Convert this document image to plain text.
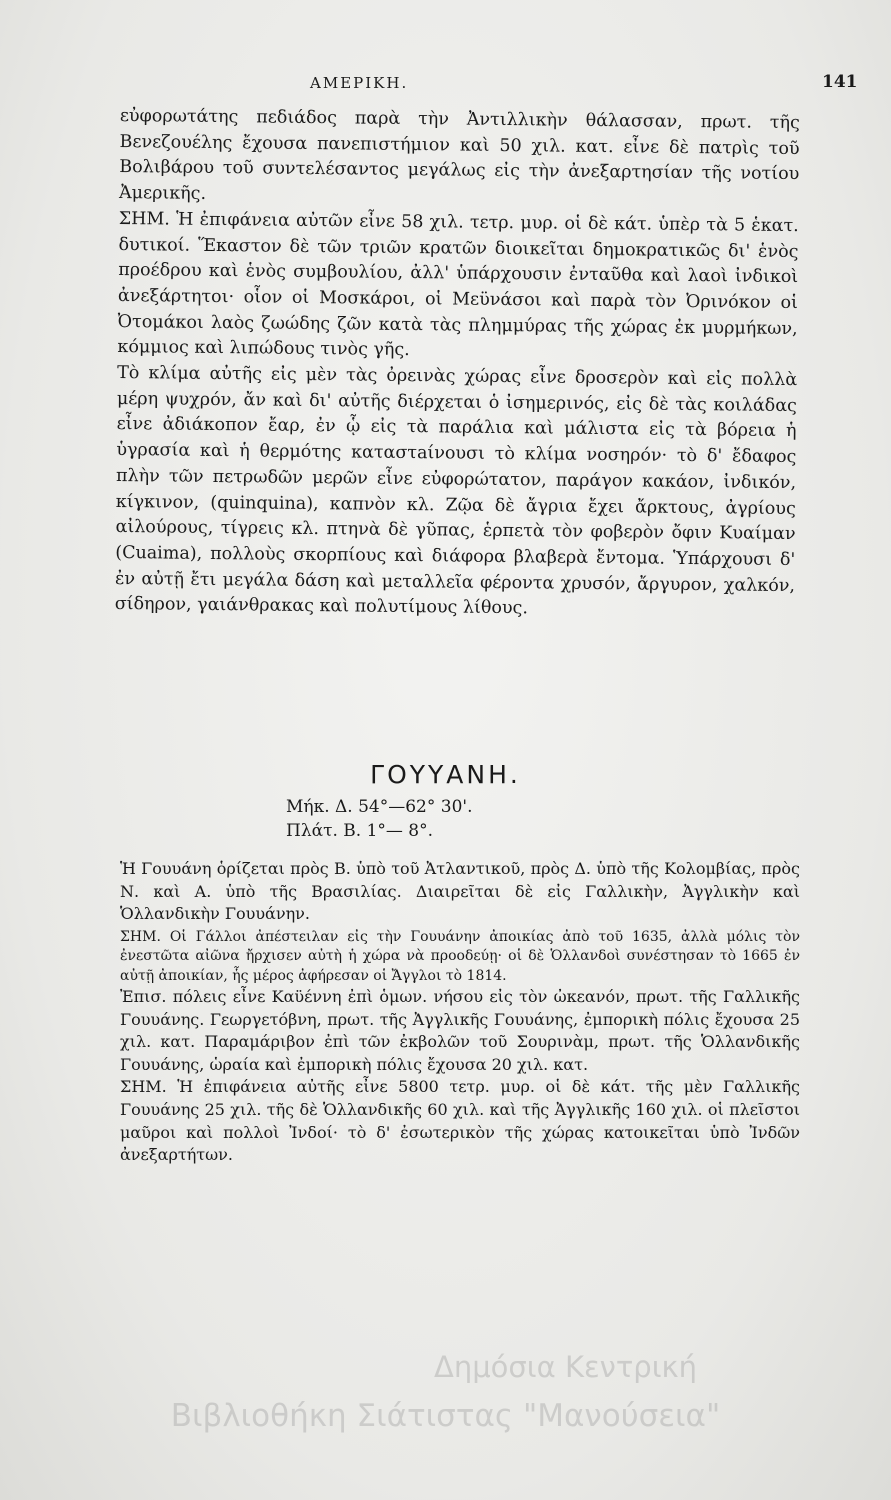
ΑΜΕΡΙΚΗ.	141

εὐφορωτάτης πεδιάδος παρὰ τὴν Ἀντιλλικὴν θάλασσαν, πρωτ. τῆς Βενεζουέλης ἔχουσα πανεπιστήμιον καὶ 50 χιλ. κατ. εἶνε δὲ πατρὶς τοῦ Βολιβάρου τοῦ συντελέσαντος μεγάλως εἰς τὴν ἀνεξαρτησίαν τῆς νοτίου Ἀμερικῆς.

ΣΗΜ. Ἡ ἐπιφάνεια αὐτῶν εἶνε 58 χιλ. τετρ. μυρ. οἱ δὲ κάτ. ὑπὲρ τὰ 5 ἑκατ. δυτικοί. Ἕκαστον δὲ τῶν τριῶν κρατῶν διοικεῖται δημοκρατικῶς δι' ἑνὸς προέδρου καὶ ἑνὸς συμβουλίου, ἀλλ' ὑπάρχουσιν ἐνταῦθα καὶ λαοὶ ἰνδικοὶ ἀνεξάρτητοι· οἷον οἱ Μοσκάροι, οἱ Μεϋνάσοι καὶ παρὰ τὸν Ὀρινόκον οἱ Ὀτομάκοι λαὸς ζωώδης ζῶν κατὰ τὰς πλημμύρας τῆς χώρας ἐκ μυρμήκων, κόμμιος καὶ λιπώδους τινὸς γῆς.

Τὸ κλίμα αὐτῆς εἰς μὲν τὰς ὀρεινὰς χώρας εἶνε δροσερὸν καὶ εἰς πολλὰ μέρη ψυχρόν, ἄν καὶ δι' αὐτῆς διέρχεται ὁ ἰσημερινός, εἰς δὲ τὰς κοιλάδας εἶνε ἀδιάκοπον ἔαρ, ἐν ᾧ εἰς τὰ παράλια καὶ μάλιστα εἰς τὰ βόρεια ἡ ὑγρασία καὶ ἡ θερμότης καταστaίνουσι τὸ κλίμα νοσηρόν· τὸ δ' ἔδαφος πλὴν τῶν πετρωδῶν μερῶν εἶνε εὐφορώτατον, παράγον κακάον, ἰνδικόν, κίγκινον, (quinquina), καπνὸν κλ. Ζῷα δὲ ἄγρια ἔχει ἄρκτους, ἀγρίους αἰλούρους, τίγρεις κλ. πτηνὰ δὲ γῦπας, ἑρπετὰ τὸν φοβερὸν ὄφιν Κυαίμαν (Cuaima), πολλοὺς σκορπίους καὶ διάφορα βλαβερὰ ἔντομα. Ὑπάρχουσι δ' ἐν αὐτῇ ἔτι μεγάλα δάση καὶ μεταλλεῖα φέροντα χρυσόν, ἄργυρον, χαλκόν, σίδηρον, γαιάνθρακας καὶ πολυτίμους λίθους.

ΓΟΥΥΑΝΗ.
Μήκ. Δ. 54°—62° 30'.
Πλάτ. Β. 1°— 8°.

Ἡ Γουυάνη ὁρίζεται πρὸς Β. ὑπὸ τοῦ Ἀτλαντικοῦ, πρὸς Δ. ὑπὸ τῆς Κολομβίας, πρὸς Ν. καὶ Α. ὑπὸ τῆς Βρασιλίας. Διαιρεῖται δὲ εἰς Γαλλικὴν, Ἀγγλικὴν καὶ Ὁλλανδικὴν Γουυάνην.

ΣΗΜ. Οἱ Γάλλοι ἀπέστειλαν εἰς τὴν Γουυάνην ἀποικίας ἀπὸ τοῦ 1635, ἀλλὰ μόλις τὸν ἐνεστῶτα αἰῶνα ἤρχισεν αὐτὴ ἡ χώρα νὰ προοδεύῃ· οἱ δὲ Ὁλλανδοὶ συνέστησαν τὸ 1665 ἐν αὐτῇ ἀποικίαν, ἧς μέρος ἀφήρεσαν οἱ Ἄγγλοι τὸ 1814.

Ἐπισ. πόλεις εἶνε Καϋέννη ἐπὶ ὁμων. νήσου εἰς τὸν ὠκεανόν, πρωτ. τῆς Γαλλικῆς Γουυάνης. Γεωργετόβνη, πρωτ. τῆς Ἀγγλικῆς Γουυάνης, ἐμπορικὴ πόλις ἔχουσα 25 χιλ. κατ. Παραμάριβον ἐπὶ τῶν ἐκβολῶν τοῦ Σουρινὰμ, πρωτ. τῆς Ὁλλανδικῆς Γουυάνης, ὡραία καὶ ἐμπορικὴ πόλις ἔχουσα 20 χιλ. κατ.

ΣΗΜ. Ἡ ἐπιφάνεια αὐτῆς εἶνε 5800 τετρ. μυρ. οἱ δὲ κάτ. τῆς μὲν Γαλλικῆς Γουυάνης 25 χιλ. τῆς δὲ Ὁλλανδικῆς 60 χιλ. καὶ τῆς Ἀγγλικῆς 160 χιλ. οἱ πλεῖστοι μαῦροι καὶ πολλοὶ Ἰνδοί· τὸ δ' ἐσωτερικὸν τῆς χώρας κατοικεῖται ὑπὸ Ἰνδῶν ἀνεξαρτήτων.

Δημόσια Κεντρική
Βιβλιοθήκη Σιάτιστας "Μανούσεια"
